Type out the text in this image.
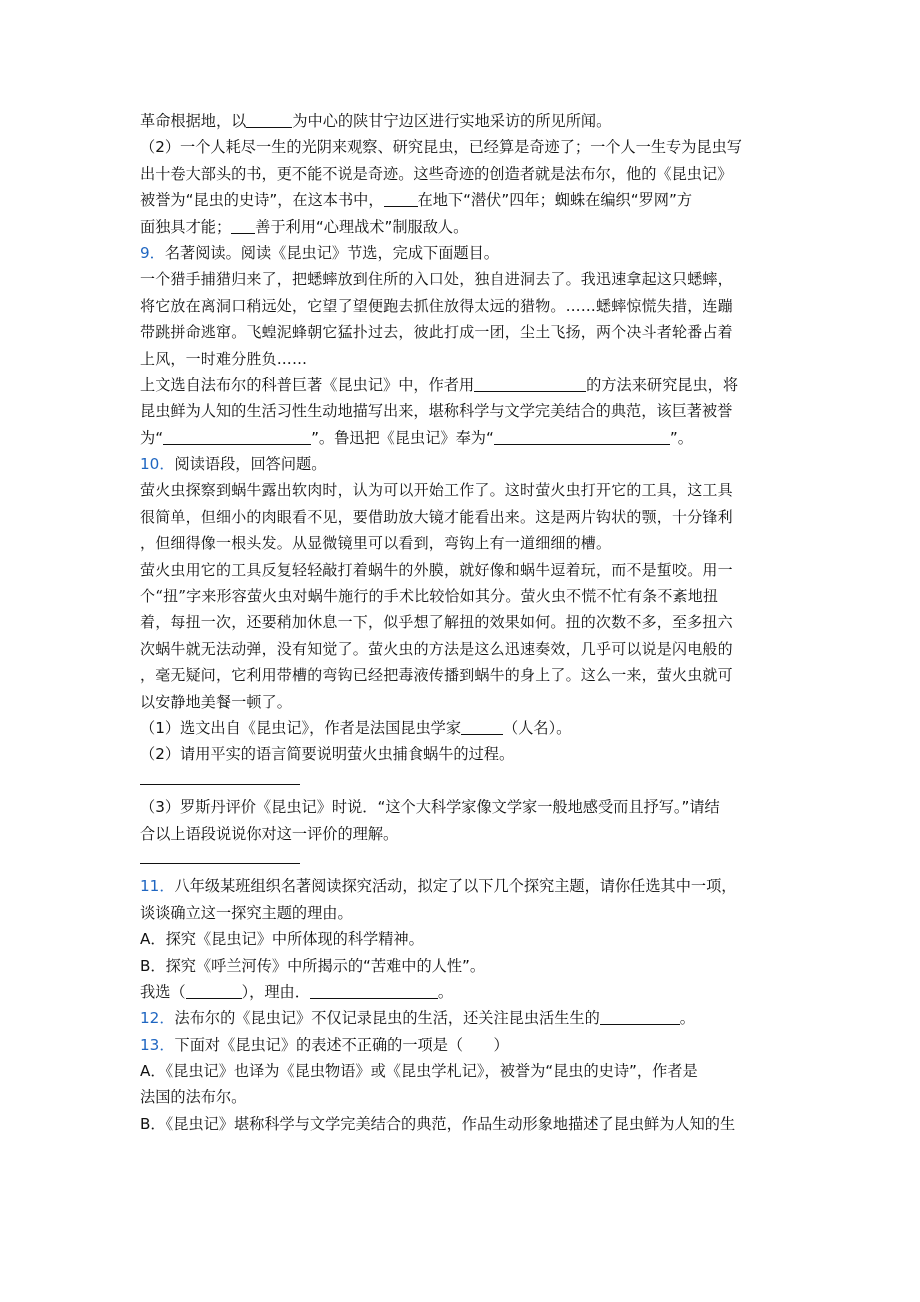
革命根据地，以	为中心的陕甘宁边区进行实地采访的所见所闻。
（2）一个人耗尽一生的光阴来观察、研究昆虫，已经算是奇迹了；一个人一生专为昆虫写
出十卷大部头的书，更不能不说是奇迹。这些奇迹的创造者就是法布尔，他的《昆虫记》
被誉为“昆虫的史诗”，在这本书中， 在地下“潜伏”四年；蜘蛛在编织“罗网”方
面独具才能； 善于利用“心理战术”制服敌人。
9．名著阅读。阅读《昆虫记》节选，完成下面题目。
一个猎手捕猎归来了，把蟋蟀放到住所的入口处，独自进洞去了。我迅速拿起这只蟋蟀，
将它放在离洞口稍远处，它望了望便跑去抓住放得太远的猎物。……蟋蟀惊慌失措，连蹦
带跳拼命逃窜。飞蝗泥蜂朝它猛扑过去，彼此打成一团，尘土飞扬，两个决斗者轮番占着
上风，一时难分胜负……
上文选自法布尔的科普巨著《昆虫记》中，作者用	的方法来研究昆虫，将
昆虫鲜为人知的生活习性生动地描写出来，堪称科学与文学完美结合的典范，该巨著被誉
为“	”。鲁迅把《昆虫记》奉为“	”。
10．阅读语段，回答问题。
萤火虫探察到蜗牛露出软肉时，认为可以开始工作了。这时萤火虫打开它的工具，这工具
很简单，但细小的肉眼看不见，要借助放大镜才能看出来。这是两片钩状的颚，十分锋利
，但细得像一根头发。从显微镜里可以看到，弯钩上有一道细细的槽。
萤火虫用它的工具反复轻轻敲打着蜗牛的外膜，就好像和蜗牛逗着玩，而不是蜇咬。用一
个“扭”字来形容萤火虫对蜗牛施行的手术比较恰如其分。萤火虫不慌不忙有条不紊地扭
着，每扭一次，还要稍加休息一下，似乎想了解扭的效果如何。扭的次数不多，至多扭六
次蜗牛就无法动弹，没有知觉了。萤火虫的方法是这么迅速奏效，几乎可以说是闪电般的
，毫无疑问，它利用带槽的弯钩已经把毒液传播到蜗牛的身上了。这么一来，萤火虫就可
以安静地美餐一顿了。
（1）选文出自《昆虫记》，作者是法国昆虫学家	（人名）。
（2）请用平实的语言简要说明萤火虫捕食蜗牛的过程。
（3）罗斯丹评价《昆虫记》时说．“这个大科学家像文学家一般地感受而且抒写。”请结
合以上语段说说你对这一评价的理解。
11．八年级某班组织名著阅读探究活动，拟定了以下几个探究主题，请你任选其中一项，
谈谈确立这一探究主题的理由。
A．探究《昆虫记》中所体现的科学精神。
B．探究《呼兰河传》中所揭示的“苦难中的人性”。
我选（	），理由．	。
12．法布尔的《昆虫记》不仅记录昆虫的生活，还关注昆虫活生生的	。
13．下面对《昆虫记》的表述不正确的一项是（　　）
A．《昆虫记》也译为《昆虫物语》或《昆虫学札记》，被誉为“昆虫的史诗”，作者是
法国的法布尔。
B．《昆虫记》堪称科学与文学完美结合的典范，作品生动形象地描述了昆虫鲜为人知的生
